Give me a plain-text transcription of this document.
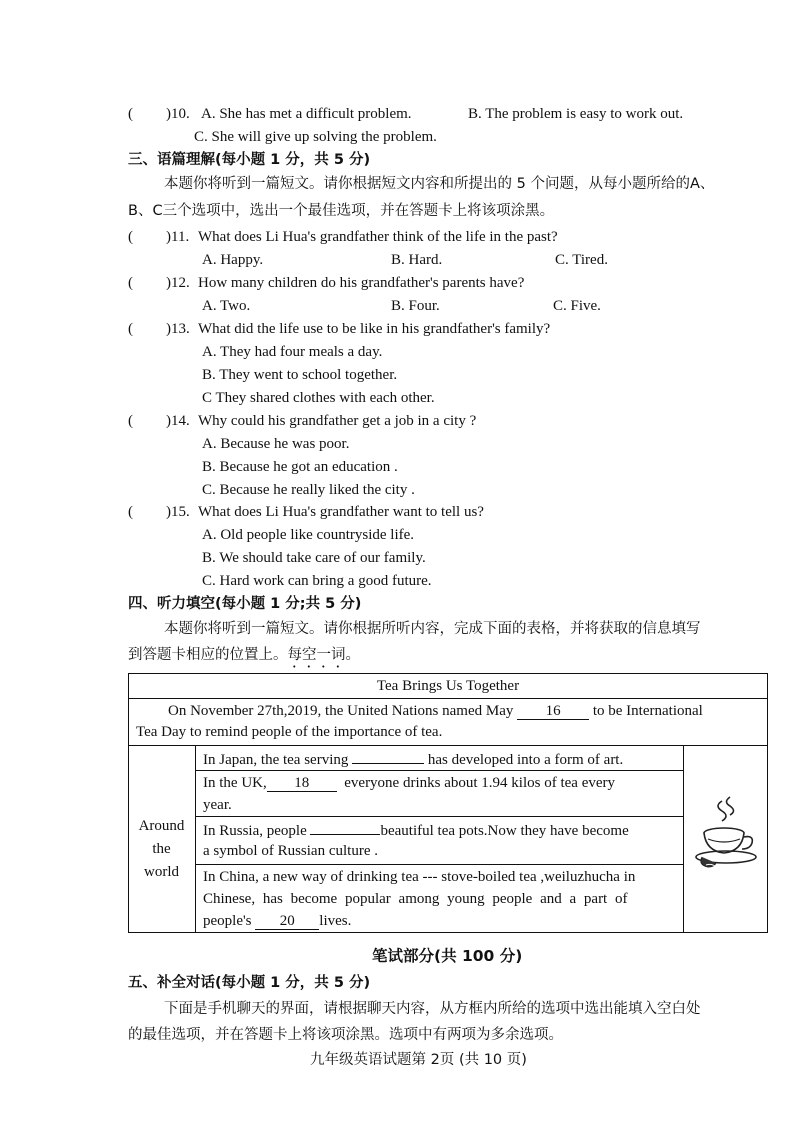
( )10. A. She has met a difficult problem.	B. The problem is easy to work out.
C. She will give up solving the problem.
三、语篇理解(每小题 1 分，共 5 分)
本题你将听到一篇短文。请你根据短文内容和所提出的 5 个问题，从每小题所给的A、
B、C三个选项中，选出一个最佳选项，并在答题卡上将该项涂黑。
( )11. What does Li Hua's grandfather think of the life in the past?
A. Happy.	B. Hard.	C. Tired.
( )12. How many children do his grandfather's parents have?
A. Two.	B. Four.	C. Five.
( )13. What did the life use to be like in his grandfather's family?
A. They had four meals a day.
B. They went to school together.
C They shared clothes with each other.
( )14. Why could his grandfather get a job in a city ?
A. Because he was poor.
B. Because he got an education .
C. Because he really liked the city .
( )15. What does Li Hua's grandfather want to tell us?
A. Old people like countryside life.
B. We should take care of our family.
C. Hard work can bring a good future.
四、听力填空(每小题 1 分;共 5 分)
本题你将听到一篇短文。请你根据所听内容，完成下面的表格，并将获取的信息填写
到答题卡相应的位置上。每空一词。
Tea Brings Us Together
On November 27th,2019, the United Nations named May 16 to be International
Tea Day to remind people of the importance of tea.
Around
the
world
In Japan, the tea serving	has developed into a form of art.
In the UK, 18 everyone drinks about 1.94 kilos of tea every
year.
In Russia, people	beautiful tea pots.Now they have become
a symbol of Russian culture .
In China, a new way of drinking tea --- stove-boiled tea ,weiluzhucha in
Chinese, has become popular among young people and a part of
people's 20 lives.
笔试部分(共 100 分)
五、补全对话(每小题 1 分，共 5 分)
下面是手机聊天的界面，请根据聊天内容，从方框内所给的选项中选出能填入空白处
的最佳选项，并在答题卡上将该项涂黑。选项中有两项为多余选项。
九年级英语试题第 2页 (共 10 页)
